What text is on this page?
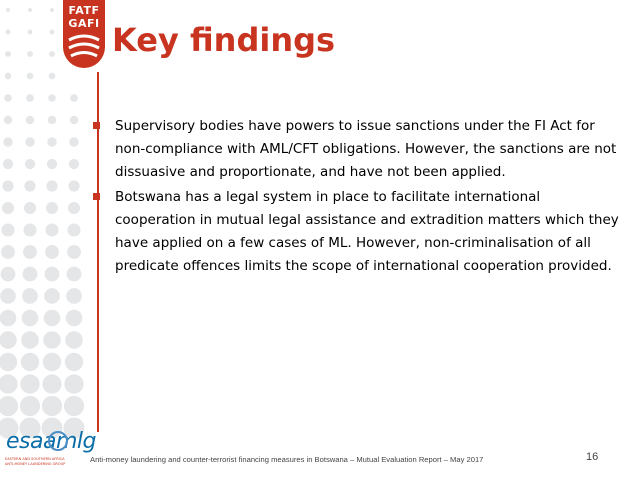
FATF
GAFI Key findings
Supervisory bodies have powers to issue sanctions under the FI Act for non-compliance with AML/CFT obligations. However, the sanctions are not dissuasive and proportionate, and have not been applied.
Botswana has a legal system in place to facilitate international cooperation in mutual legal assistance and extradition matters which they have applied on a few cases of ML. However, non-criminalisation of all predicate offences limits the scope of international cooperation provided.
esaamlg
EASTERN AND SOUTHERN AFRICA ANTI-MONEY LAUNDERING GROUP	Anti-money laundering and counter-terrorist financing measures in Botswana – Mutual Evaluation Report – May 2017	16
